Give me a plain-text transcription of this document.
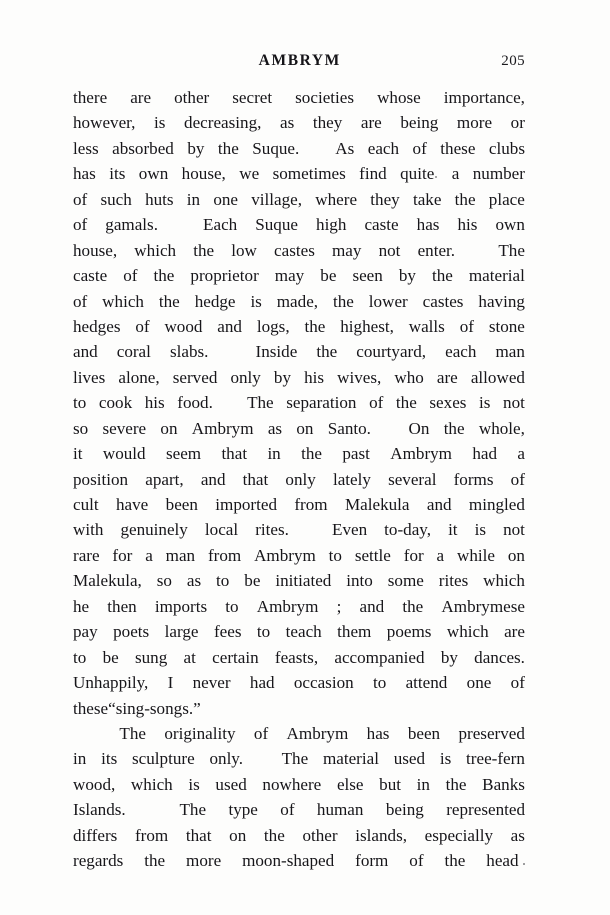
AMBRYM	205
there are other secret societies whose importance,
however, is decreasing, as they are being more or
less absorbed by the Suque. As each of these clubs
has its own house, we sometimes find quite a number
of such huts in one village, where they take the place
of gamals.	Each Suque high caste has his own
house, which the low castes may not enter.	The
caste of the proprietor may be seen by the material
of which the hedge is made, the lower castes having
hedges of wood and logs, the highest, walls of stone
and coral slabs.	Inside the courtyard, each man
lives alone, served only by his wives, who are allowed
to cook his food. The separation of the sexes is not
so severe on Ambrym as on Santo. On the whole,
it would seem that in the past Ambrym had a
position apart, and that only lately several forms of
cult have been imported from Malekula and mingled
with genuinely local rites.	Even to-day, it is not
rare for a man from Ambrym to settle for a while on
Malekula, so as to be initiated into some rites which
he then imports to Ambrym ; and the Ambrymese
pay poets large fees to teach them poems which are
to be sung at certain feasts, accompanied by dances.
Unhappily, I never had occasion to attend one of
these “ sing-songs.”
The originality of Ambrym has been preserved
in its sculpture only. The material used is tree-fern
wood, which is used nowhere else but in the Banks
Islands.	The type of human being represented
differs from that on the other islands, especially as
regards the more moon-shaped form of the head
